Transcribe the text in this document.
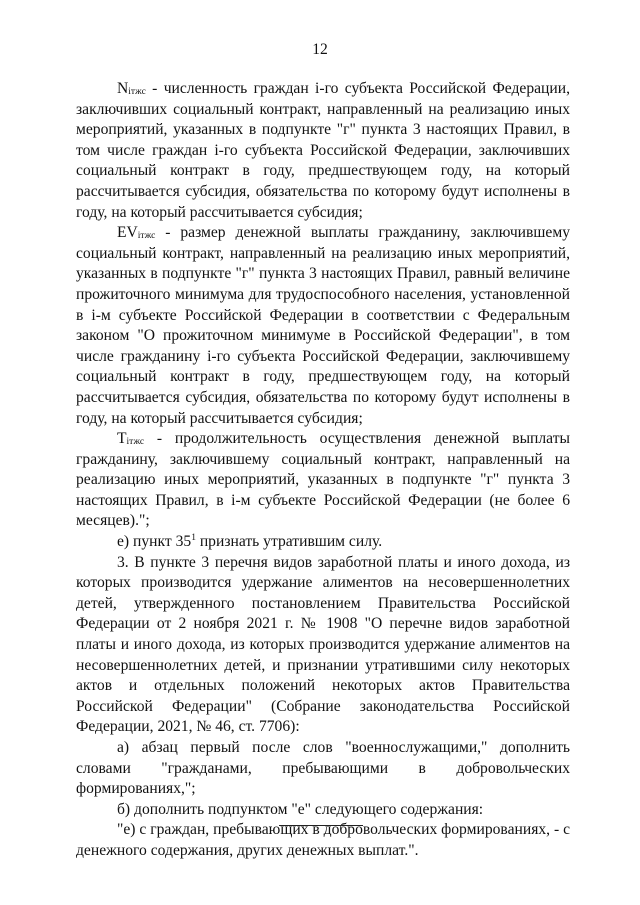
12

$N_{iтжс}$ - численность граждан i-го субъекта Российской Федерации, заключивших социальный контракт, направленный на реализацию иных мероприятий, указанных в подпункте "г" пункта 3 настоящих Правил, в том числе граждан i-го субъекта Российской Федерации, заключивших социальный контракт в году, предшествующем году, на который рассчитывается субсидия, обязательства по которому будут исполнены в году, на который рассчитывается субсидия;

$EV_{iтжс}$ - размер денежной выплаты гражданину, заключившему социальный контракт, направленный на реализацию иных мероприятий, указанных в подпункте "г" пункта 3 настоящих Правил, равный величине прожиточного минимума для трудоспособного населения, установленной в i-м субъекте Российской Федерации в соответствии с Федеральным законом "О прожиточном минимуме в Российской Федерации", в том числе гражданину i-го субъекта Российской Федерации, заключившему социальный контракт в году, предшествующем году, на который рассчитывается субсидия, обязательства по которому будут исполнены в году, на который рассчитывается субсидия;

$T_{iтжс}$ - продолжительность осуществления денежной выплаты гражданину, заключившему социальный контракт, направленный на реализацию иных мероприятий, указанных в подпункте "г" пункта 3 настоящих Правил, в i-м субъекте Российской Федерации (не более 6 месяцев).";

е) пункт $35^1$ признать утратившим силу.

3. В пункте 3 перечня видов заработной платы и иного дохода, из которых производится удержание алиментов на несовершеннолетних детей, утвержденного постановлением Правительства Российской Федерации от 2 ноября 2021 г. № 1908 "О перечне видов заработной платы и иного дохода, из которых производится удержание алиментов на несовершеннолетних детей, и признании утратившими силу некоторых актов и отдельных положений некоторых актов Правительства Российской Федерации" (Собрание законодательства Российской Федерации, 2021, № 46, ст. 7706):

а) абзац первый после слов "военнослужащими," дополнить словами "гражданами, пребывающими в добровольческих формированиях,";

б) дополнить подпунктом "е" следующего содержания:

"е) с граждан, пребывающих в добровольческих формированиях, - с денежного содержания, других денежных выплат.".
